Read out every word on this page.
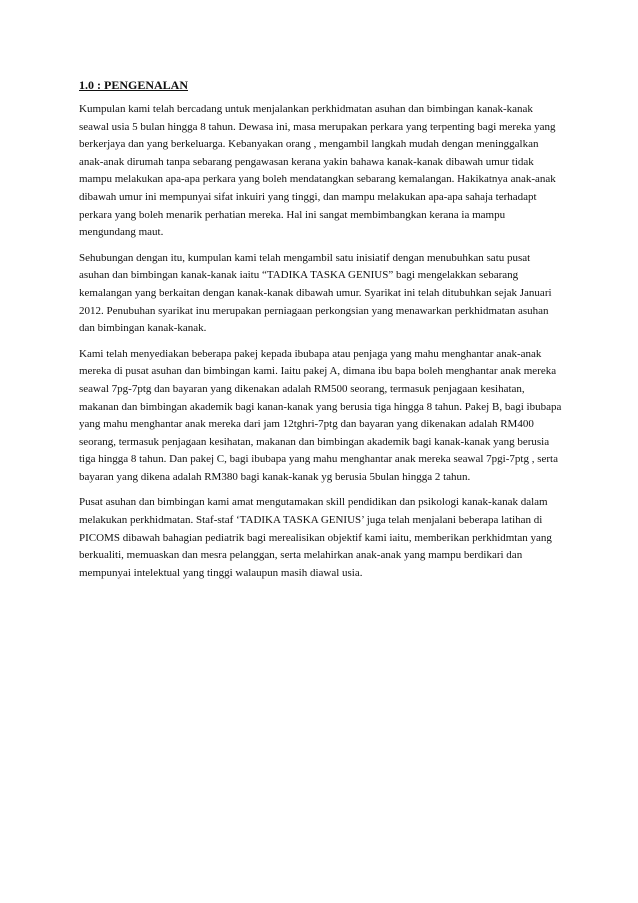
1.0 : PENGENALAN

Kumpulan kami telah bercadang untuk menjalankan perkhidmatan asuhan dan bimbingan kanak-kanak seawal usia 5 bulan hingga 8 tahun. Dewasa ini, masa merupakan perkara yang terpenting bagi mereka yang berkerjaya dan yang berkeluarga. Kebanyakan orang , mengambil langkah mudah dengan meninggalkan anak-anak dirumah tanpa sebarang pengawasan kerana yakin bahawa kanak-kanak dibawah umur tidak mampu melakukan apa-apa perkara yang boleh mendatangkan sebarang kemalangan. Hakikatnya anak-anak dibawah umur ini mempunyai sifat inkuiri yang tinggi, dan mampu melakukan apa-apa sahaja terhadapt perkara yang boleh menarik perhatian mereka. Hal ini sangat membimbangkan kerana ia mampu mengundang maut.

Sehubungan dengan itu, kumpulan kami telah mengambil satu inisiatif dengan menubuhkan satu pusat asuhan dan bimbingan kanak-kanak iaitu “TADIKA TASKA GENIUS” bagi mengelakkan sebarang kemalangan yang berkaitan dengan kanak-kanak dibawah umur. Syarikat ini telah ditubuhkan sejak Januari 2012. Penubuhan syarikat inu merupakan perniagaan perkongsian yang menawarkan perkhidmatan asuhan dan bimbingan kanak-kanak.

Kami telah menyediakan beberapa pakej kepada ibubapa atau penjaga yang mahu menghantar anak-anak mereka di pusat asuhan dan bimbingan kami. Iaitu pakej A, dimana ibu bapa boleh menghantar anak mereka seawal 7pg-7ptg dan bayaran yang dikenakan adalah RM500 seorang, termasuk penjagaan kesihatan, makanan dan bimbingan akademik bagi kanan-kanak yang berusia tiga hingga 8 tahun. Pakej B, bagi ibubapa yang mahu menghantar anak mereka dari jam 12tghri-7ptg dan bayaran yang dikenakan adalah RM400 seorang, termasuk penjagaan kesihatan, makanan dan bimbingan akademik bagi kanak-kanak yang berusia tiga hingga 8 tahun. Dan pakej C, bagi ibubapa yang mahu menghantar anak mereka seawal 7pgi-7ptg , serta bayaran yang dikena adalah RM380 bagi kanak-kanak yg berusia 5bulan hingga 2 tahun.

Pusat asuhan dan bimbingan kami amat mengutamakan skill pendidikan dan psikologi kanak-kanak dalam melakukan perkhidmatan. Staf-staf ‘TADIKA TASKA GENIUS’ juga telah menjalani beberapa latihan di PICOMS dibawah bahagian pediatrik bagi merealisikan objektif kami iaitu, memberikan perkhidmtan yang berkualiti, memuaskan dan mesra pelanggan, serta melahirkan anak-anak yang mampu berdikari dan mempunyai intelektual yang tinggi walaupun masih diawal usia.
